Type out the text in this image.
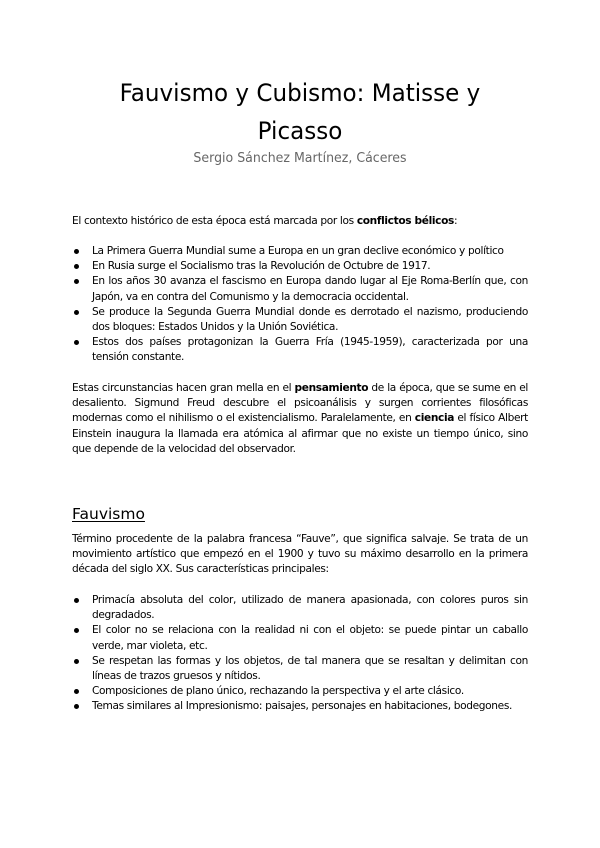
Fauvismo y Cubismo: Matisse y
Picasso
Sergio Sánchez Martínez, Cáceres
El contexto histórico de esta época está marcada por los conflictos bélicos:
La Primera Guerra Mundial sume a Europa en un gran declive económico y político
En Rusia surge el Socialismo tras la Revolución de Octubre de 1917.
En los años 30 avanza el fascismo en Europa dando lugar al Eje Roma-Berlín que, con Japón, va en contra del Comunismo y la democracia occidental.
Se produce la Segunda Guerra Mundial donde es derrotado el nazismo, produciendo dos bloques: Estados Unidos y la Unión Soviética.
Estos dos países protagonizan la Guerra Fría (1945-1959), caracterizada por una tensión constante.
Estas circunstancias hacen gran mella en el pensamiento de la época, que se sume en el desaliento. Sigmund Freud descubre el psicoanálisis y surgen corrientes filosóficas modernas como el nihilismo o el existencialismo. Paralelamente, en ciencia el físico Albert Einstein inaugura la llamada era atómica al afirmar que no existe un tiempo único, sino que depende de la velocidad del observador.
Fauvismo
Término procedente de la palabra francesa “Fauve”, que significa salvaje. Se trata de un movimiento artístico que empezó en el 1900 y tuvo su máximo desarrollo en la primera década del siglo XX. Sus características principales:
Primacía absoluta del color, utilizado de manera apasionada, con colores puros sin degradados.
El color no se relaciona con la realidad ni con el objeto: se puede pintar un caballo verde, mar violeta, etc.
Se respetan las formas y los objetos, de tal manera que se resaltan y delimitan con líneas de trazos gruesos y nítidos.
Composiciones de plano único, rechazando la perspectiva y el arte clásico.
Temas similares al Impresionismo: paisajes, personajes en habitaciones, bodegones.
